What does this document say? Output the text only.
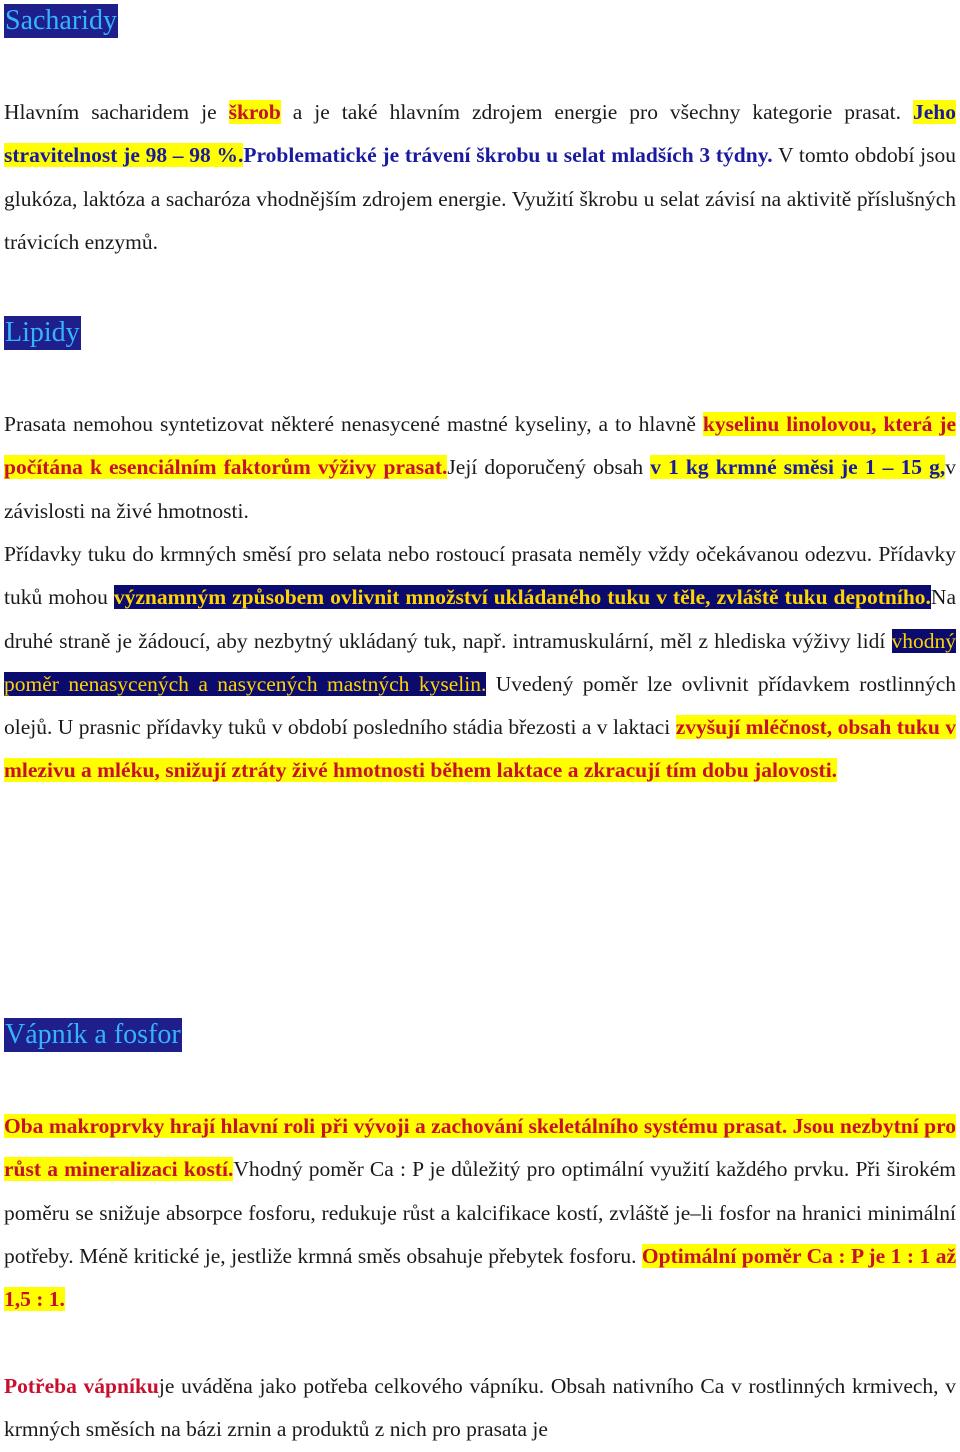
Sacharidy
Hlavním sacharidem je škrob a je také hlavním zdrojem energie pro všechny kategorie prasat. Jeho stravitelnost je 98 – 98 %.Problematické je trávení škrobu u selat mladších 3 týdny. V tomto období jsou glukóza, laktóza a sacharóza vhodnějším zdrojem energie. Využití škrobu u selat závisí na aktivitě příslušných trávicích enzymů.
Lipidy
Prasata nemohou syntetizovat některé nenasycené mastné kyseliny, a to hlavně kyselinu linolovou, která je počítána k esenciálním faktorům výživy prasat.Její doporučený obsah v 1 kg krmné směsi je 1 – 15 g,v závislosti na živé hmotnosti.
Přídavky tuku do krmných směsí pro selata nebo rostoucí prasata neměly vždy očekávanou odezvu. Přídavky tuků mohou významným způsobem ovlivnit množství ukládaného tuku v těle, zvláště tuku depotního.Na druhé straně je žádoucí, aby nezbytný ukládaný tuk, např. intramuskulární, měl z hlediska výživy lidí vhodný poměr nenasycených a nasycených mastných kyselin. Uvedený poměr lze ovlivnit přídavkem rostlinných olejů. U prasnic přídavky tuků v období posledního stádia březosti a v laktaci zvyšují mléčnost, obsah tuku v mlezivu a mléku, snižují ztráty živé hmotnosti během laktace a zkracují tím dobu jalovosti.
Vápník a fosfor
Oba makroprvky hrají hlavní roli při vývoji a zachování skeletálního systému prasat. Jsou nezbytní pro růst a mineralizaci kostí.Vhodný poměr Ca : P je důležitý pro optimální využití každého prvku. Při širokém poměru se snižuje absorpce fosforu, redukuje růst a kalcifikace kostí, zvláště je–li fosfor na hranici minimální potřeby. Méně kritické je, jestliže krmná směs obsahuje přebytek fosforu. Optimální poměr Ca : P je 1 : 1 až 1,5 : 1.
Potřeba vápníkuje uváděna jako potřeba celkového vápníku. Obsah nativního Ca v rostlinných krmivech, v krmných směsích na bázi zrnin a produktů z nich pro prasata je
